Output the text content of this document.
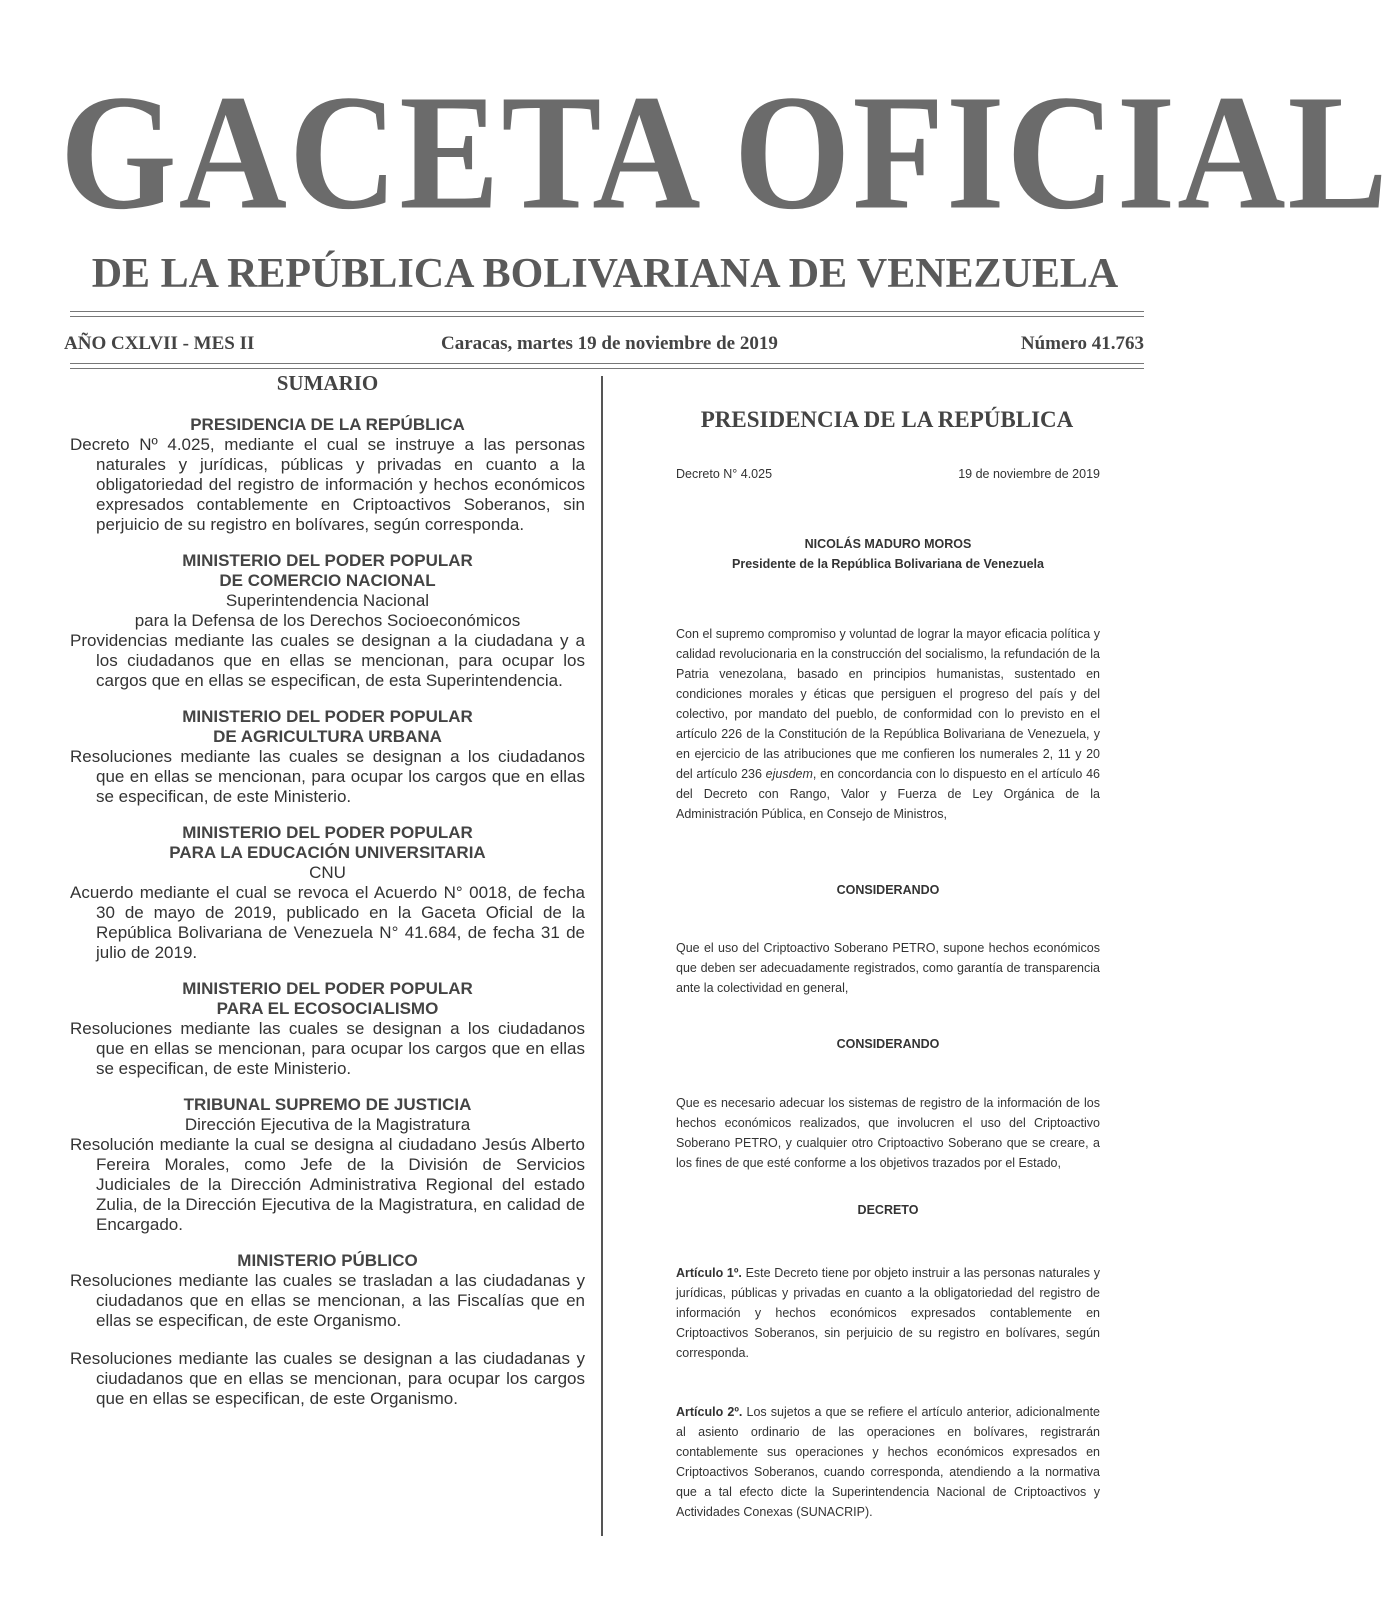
GACETA OFICIAL
DE LA REPÚBLICA BOLIVARIANA DE VENEZUELA
AÑO CXLVII - MES II	Caracas, martes 19 de noviembre de 2019	Número 41.763
SUMARIO
PRESIDENCIA DE LA REPÚBLICA
Decreto Nº 4.025, mediante el cual se instruye a las personas naturales y jurídicas, públicas y privadas en cuanto a la obligatoriedad del registro de información y hechos económicos expresados contablemente en Criptoactivos Soberanos, sin perjuicio de su registro en bolívares, según corresponda.
MINISTERIO DEL PODER POPULAR
DE COMERCIO NACIONAL
Superintendencia Nacional
para la Defensa de los Derechos Socioeconómicos
Providencias mediante las cuales se designan a la ciudadana y a los ciudadanos que en ellas se mencionan, para ocupar los cargos que en ellas se especifican, de esta Superintendencia.
MINISTERIO DEL PODER POPULAR
DE AGRICULTURA URBANA
Resoluciones mediante las cuales se designan a los ciudadanos que en ellas se mencionan, para ocupar los cargos que en ellas se especifican, de este Ministerio.
MINISTERIO DEL PODER POPULAR
PARA LA EDUCACIÓN UNIVERSITARIA
CNU
Acuerdo mediante el cual se revoca el Acuerdo N° 0018, de fecha 30 de mayo de 2019, publicado en la Gaceta Oficial de la República Bolivariana de Venezuela N° 41.684, de fecha 31 de julio de 2019.
MINISTERIO DEL PODER POPULAR
PARA EL ECOSOCIALISMO
Resoluciones mediante las cuales se designan a los ciudadanos que en ellas se mencionan, para ocupar los cargos que en ellas se especifican, de este Ministerio.
TRIBUNAL SUPREMO DE JUSTICIA
Dirección Ejecutiva de la Magistratura
Resolución mediante la cual se designa al ciudadano Jesús Alberto Fereira Morales, como Jefe de la División de Servicios Judiciales de la Dirección Administrativa Regional del estado Zulia, de la Dirección Ejecutiva de la Magistratura, en calidad de Encargado.
MINISTERIO PÚBLICO
Resoluciones mediante las cuales se trasladan a las ciudadanas y ciudadanos que en ellas se mencionan, a las Fiscalías que en ellas se especifican, de este Organismo.
Resoluciones mediante las cuales se designan a las ciudadanas y ciudadanos que en ellas se mencionan, para ocupar los cargos que en ellas se especifican, de este Organismo.
PRESIDENCIA DE LA REPÚBLICA
Decreto N° 4.025	19 de noviembre de 2019
NICOLÁS MADURO MOROS
Presidente de la República Bolivariana de Venezuela
Con el supremo compromiso y voluntad de lograr la mayor eficacia política y calidad revolucionaria en la construcción del socialismo, la refundación de la Patria venezolana, basado en principios humanistas, sustentado en condiciones morales y éticas que persiguen el progreso del país y del colectivo, por mandato del pueblo, de conformidad con lo previsto en el artículo 226 de la Constitución de la República Bolivariana de Venezuela, y en ejercicio de las atribuciones que me confieren los numerales 2, 11 y 20 del artículo 236 ejusdem, en concordancia con lo dispuesto en el artículo 46 del Decreto con Rango, Valor y Fuerza de Ley Orgánica de la Administración Pública, en Consejo de Ministros,
CONSIDERANDO
Que el uso del Criptoactivo Soberano PETRO, supone hechos económicos que deben ser adecuadamente registrados, como garantía de transparencia ante la colectividad en general,
CONSIDERANDO
Que es necesario adecuar los sistemas de registro de la información de los hechos económicos realizados, que involucren el uso del Criptoactivo Soberano PETRO, y cualquier otro Criptoactivo Soberano que se creare, a los fines de que esté conforme a los objetivos trazados por el Estado,
DECRETO
Artículo 1º. Este Decreto tiene por objeto instruir a las personas naturales y jurídicas, públicas y privadas en cuanto a la obligatoriedad del registro de información y hechos económicos expresados contablemente en Criptoactivos Soberanos, sin perjuicio de su registro en bolívares, según corresponda.
Artículo 2º. Los sujetos a que se refiere el artículo anterior, adicionalmente al asiento ordinario de las operaciones en bolívares, registrarán contablemente sus operaciones y hechos económicos expresados en Criptoactivos Soberanos, cuando corresponda, atendiendo a la normativa que a tal efecto dicte la Superintendencia Nacional de Criptoactivos y Actividades Conexas (SUNACRIP).
